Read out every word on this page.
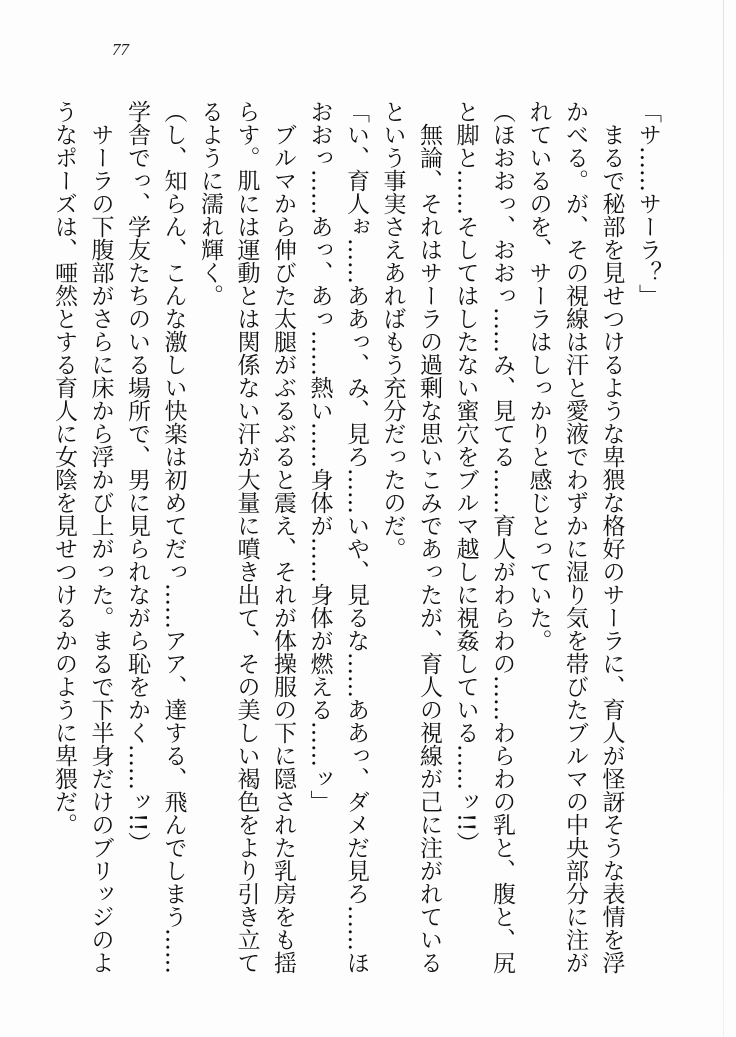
77

「サ……サーラ？」

　まるで秘部を見せつけるような卑猥な格好のサーラに、育人が怪訝そうな表情を浮かべる。が、その視線は汗と愛液でわずかに湿り気を帯びたブルマの中央部分に注がれているのを、サーラはしっかりと感じとっていた。

（ほおおっ、おおっ……み、見てる……育人がわらわの……わらわの乳と、腹と、尻と脚と……そしてはしたない蜜穴をブルマ越しに視姦している……ッ!!）

　無論、それはサーラの過剰な思いこみであったが、育人の視線が己に注がれているという事実さえあればもう充分だったのだ。

「い、育人ぉ……ああっ、み、見ろ……いや、見るな……ああっ、ダメだ見ろ……ほおおっ……あっ、あっ……熱い……身体が……身体が燃える……ッ」

　ブルマから伸びた太腿がぶるぶると震え、それが体操服の下に隠された乳房をも揺らす。肌には運動とは関係ない汗が大量に噴き出て、その美しい褐色をより引き立てるように濡れ輝く。

（し、知らん、こんな激しい快楽は初めてだっ……アア、達する、飛んでしまう……学舎でっ、学友たちのいる場所で、男に見られながら恥をかく……ッ!!）

　サーラの下腹部がさらに床から浮かび上がった。まるで下半身だけのブリッジのようなポーズは、唖然とする育人に女陰を見せつけるかのように卑猥だ。
